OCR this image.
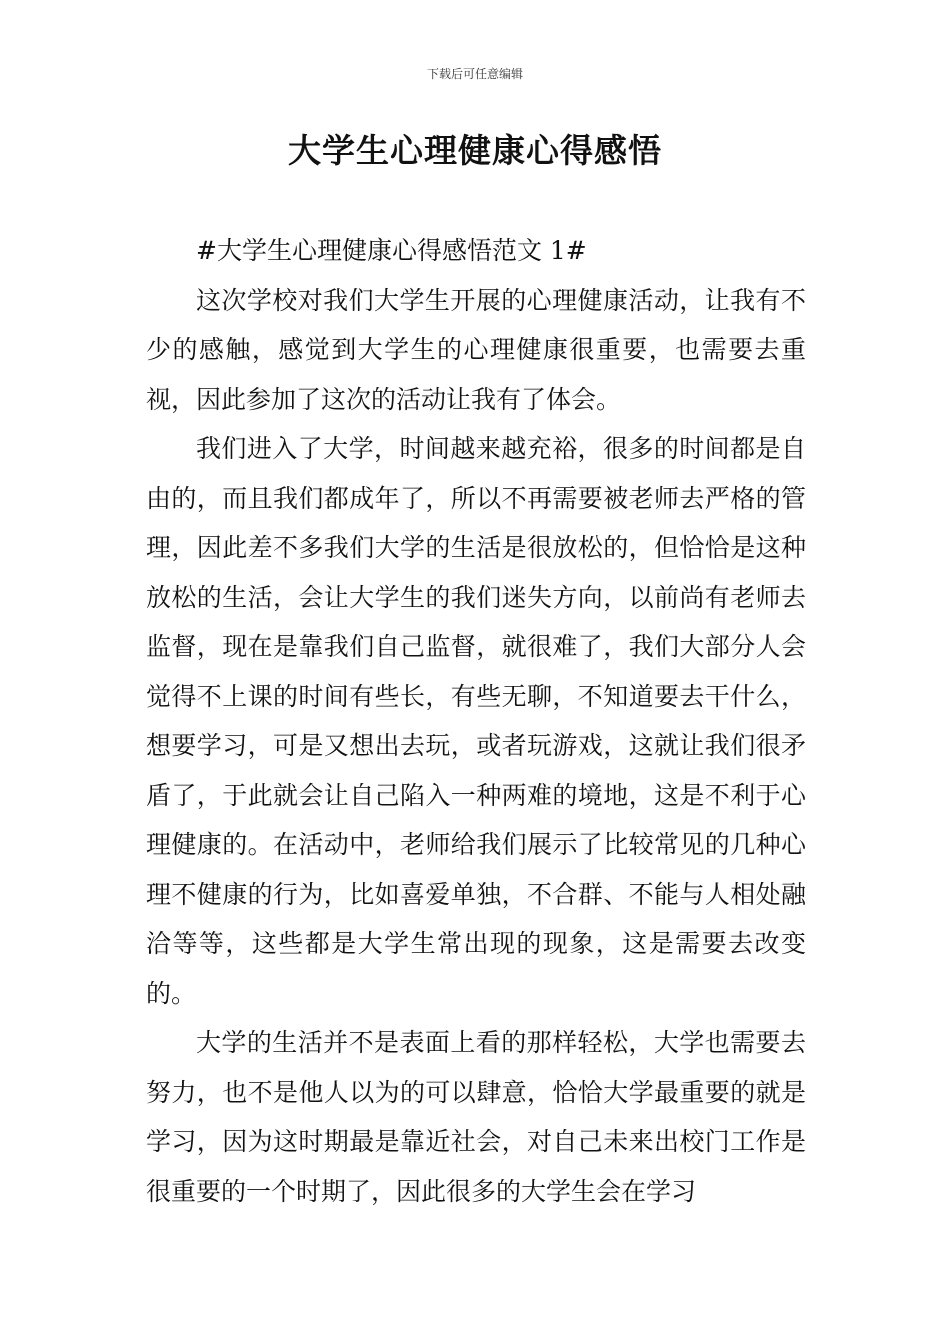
下载后可任意编辑
大学生心理健康心得感悟

#大学生心理健康心得感悟范文 1#

这次学校对我们大学生开展的心理健康活动，让我有不少的感触，感觉到大学生的心理健康很重要，也需要去重视，因此参加了这次的活动让我有了体会。

我们进入了大学，时间越来越充裕，很多的时间都是自由的，而且我们都成年了，所以不再需要被老师去严格的管理，因此差不多我们大学的生活是很放松的，但恰恰是这种放松的生活，会让大学生的我们迷失方向，以前尚有老师去监督，现在是靠我们自己监督，就很难了，我们大部分人会觉得不上课的时间有些长，有些无聊，不知道要去干什么，想要学习，可是又想出去玩，或者玩游戏，这就让我们很矛盾了，于此就会让自己陷入一种两难的境地，这是不利于心理健康的。在活动中，老师给我们展示了比较常见的几种心理不健康的行为，比如喜爱单独，不合群、不能与人相处融洽等等，这些都是大学生常出现的现象，这是需要去改变的。

大学的生活并不是表面上看的那样轻松，大学也需要去努力，也不是他人以为的可以肆意，恰恰大学最重要的就是学习，因为这时期最是靠近社会，对自己未来出校门工作是很重要的一个时期了，因此很多的大学生会在学习
